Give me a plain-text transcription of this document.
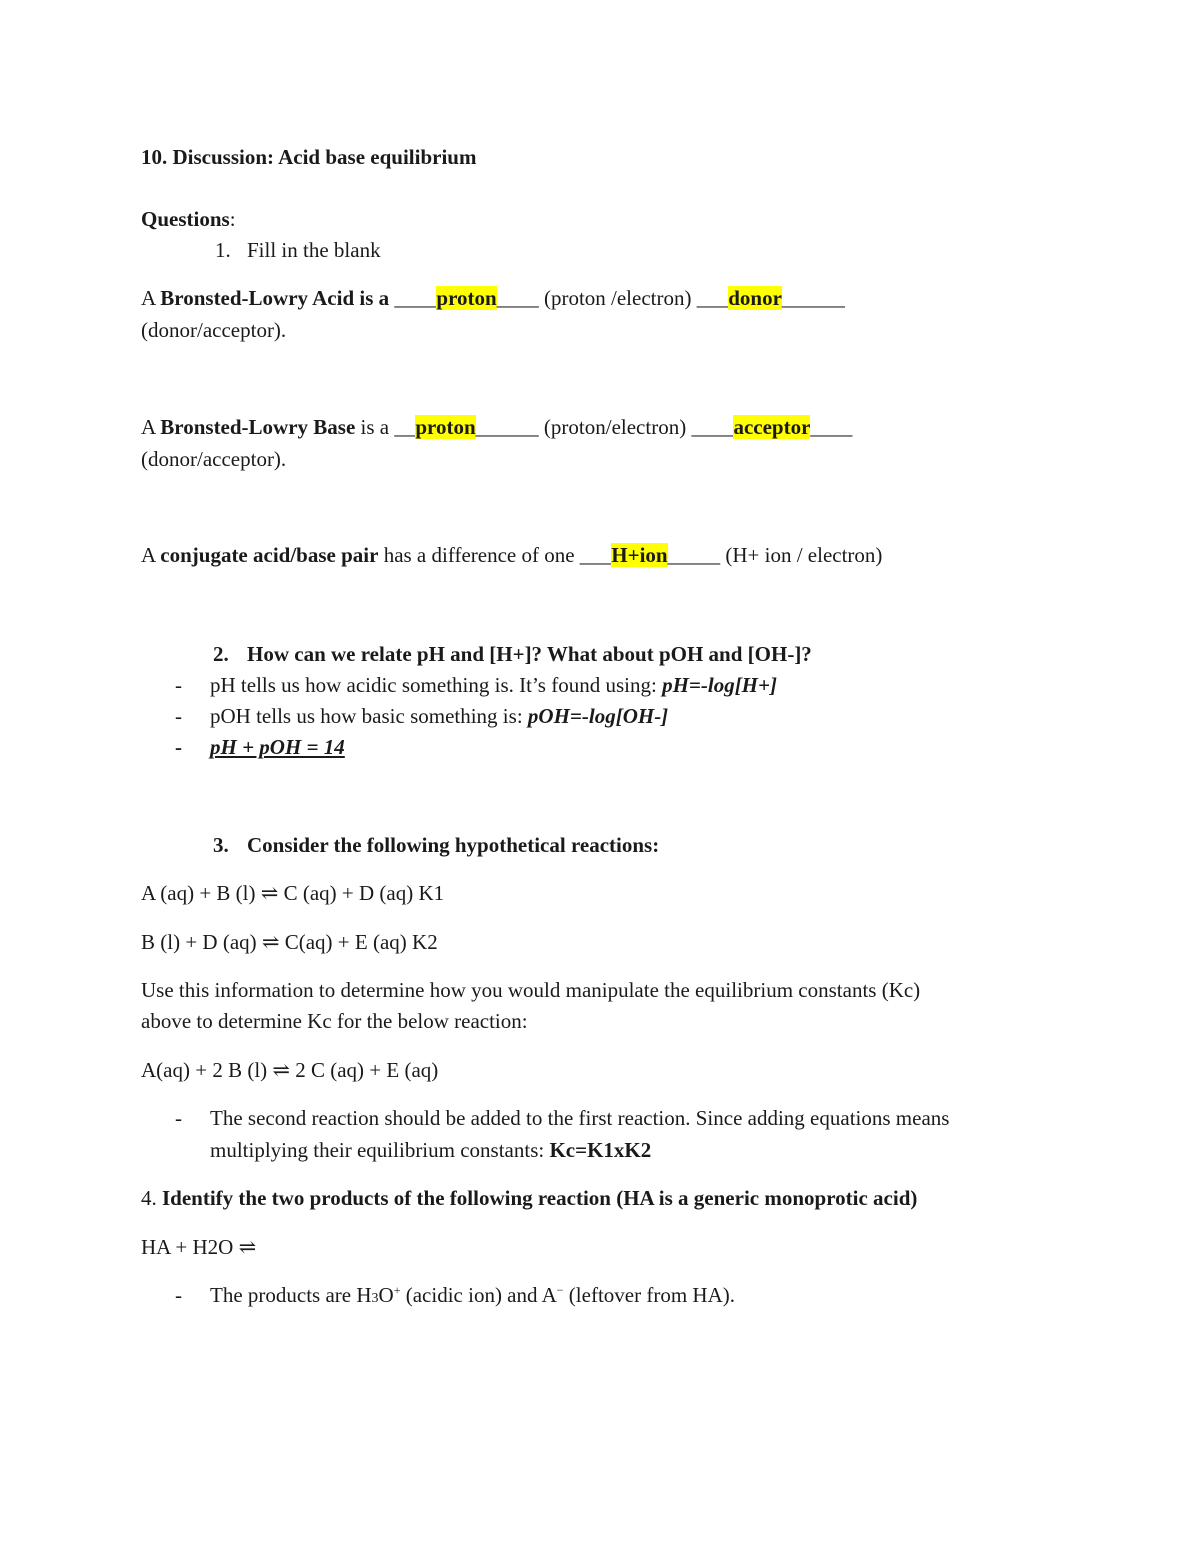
10. Discussion: Acid base equilibrium
Questions:
1. Fill in the blank
A Bronsted-Lowry Acid is a ____proton____ (proton /electron) ___donor______
(donor/acceptor).
A Bronsted-Lowry Base is a __proton______ (proton/electron) ____acceptor____
(donor/acceptor).
A conjugate acid/base pair has a difference of one ___H+ion_____ (H+ ion / electron)
2. How can we relate pH and [H+]? What about pOH and [OH-]?
- pH tells us how acidic something is. It’s found using: pH=-log[H+]
- pOH tells us how basic something is: pOH=-log[OH-]
- pH + pOH = 14
3. Consider the following hypothetical reactions:
A (aq) + B (l) ⇌ C (aq) + D (aq) K1
B (l) + D (aq) ⇌ C(aq) + E (aq) K2
Use this information to determine how you would manipulate the equilibrium constants (Kc)
above to determine Kc for the below reaction:
A(aq) + 2 B (l) ⇌ 2 C (aq) + E (aq)
- The second reaction should be added to the first reaction. Since adding equations means
multiplying their equilibrium constants: Kc=K1xK2
4. Identify the two products of the following reaction (HA is a generic monoprotic acid)
HA + H2O ⇌
- The products are H3O+ (acidic ion) and A− (leftover from HA).
